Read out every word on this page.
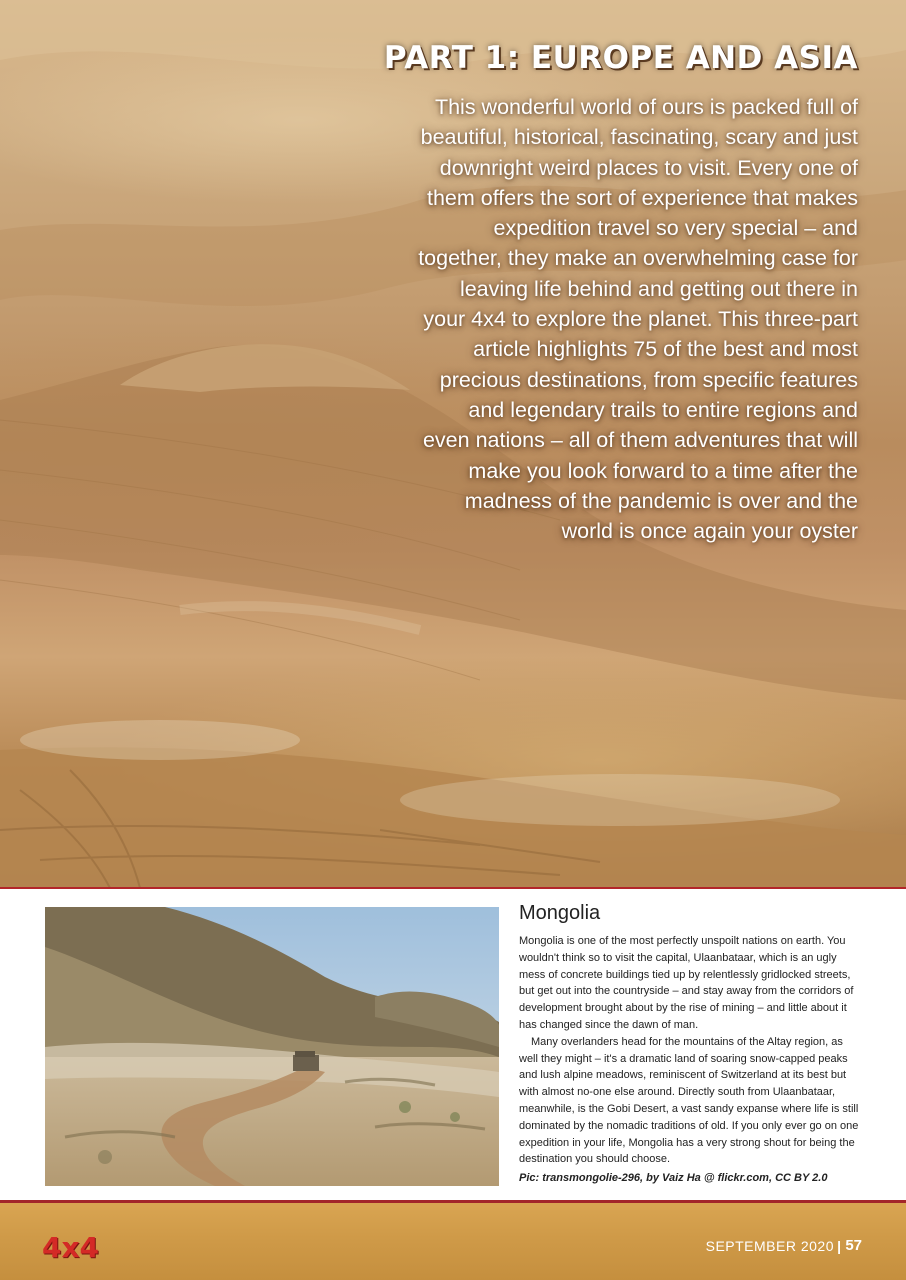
PART 1: EUROPE AND ASIA

This wonderful world of ours is packed full of beautiful, historical, fascinating, scary and just downright weird places to visit. Every one of them offers the sort of experience that makes expedition travel so very special – and together, they make an overwhelming case for leaving life behind and getting out there in your 4x4 to explore the planet. This three-part article highlights 75 of the best and most precious destinations, from specific features and legendary trails to entire regions and even nations – all of them adventures that will make you look forward to a time after the madness of the pandemic is over and the world is once again your oyster

Mongolia

Mongolia is one of the most perfectly unspoilt nations on earth. You wouldn't think so to visit the capital, Ulaanbataar, which is an ugly mess of concrete buildings tied up by relentlessly gridlocked streets, but get out into the countryside – and stay away from the corridors of development brought about by the rise of mining – and little about it has changed since the dawn of man.

Many overlanders head for the mountains of the Altay region, as well they might – it's a dramatic land of soaring snow-capped peaks and lush alpine meadows, reminiscent of Switzerland at its best but with almost no-one else around. Directly south from Ulaanbataar, meanwhile, is the Gobi Desert, a vast sandy expanse where life is still dominated by the nomadic traditions of old. If you only ever go on one expedition in your life, Mongolia has a very strong shout for being the destination you should choose.

Pic: transmongolie-296, by Vaiz Ha @ flickr.com, CC BY 2.0

4x4	SEPTEMBER 2020 | 57
